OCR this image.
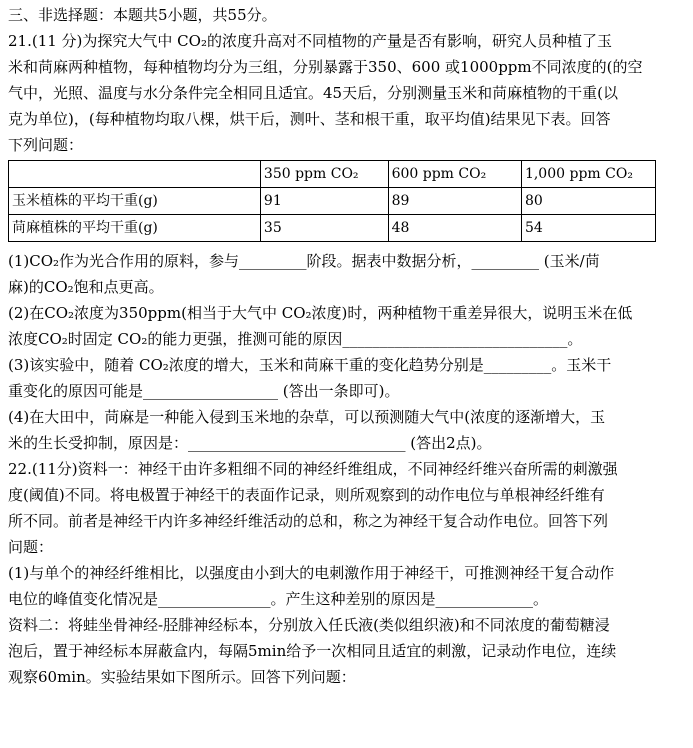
三、非选择题：本题共5小题，共55分。
21.(11 分)为探究大气中 CO₂的浓度升高对不同植物的产量是否有影响，研究人员种植了玉
米和苘麻两种植物，每种植物均分为三组，分别暴露于350、600 或1000ppm不同浓度的(的空
气中，光照、温度与水分条件完全相同且适宜。45天后，分别测量玉米和苘麻植物的干重(以
克为单位)，(每种植物均取八棵，烘干后，测叶、茎和根干重，取平均值)结果见下表。回答
下列问题：
	350 ppm CO₂	600 ppm CO₂	1,000 ppm CO₂
玉米植株的平均干重(g)	91	89	80
苘麻植株的平均干重(g)	35	48	54
(1)CO₂作为光合作用的原料，参与_________阶段。据表中数据分析，_________ (玉米/苘
麻)的CO₂饱和点更高。
(2)在CO₂浓度为350ppm(相当于大气中 CO₂浓度)时，两种植物干重差异很大，说明玉米在低
浓度CO₂时固定 CO₂的能力更强，推测可能的原因______________________________。
(3)该实验中，随着 CO₂浓度的增大，玉米和苘麻干重的变化趋势分别是_________。玉米干
重变化的原因可能是__________________ (答出一条即可)。
(4)在大田中，苘麻是一种能入侵到玉米地的杂草，可以预测随大气中(浓度的逐渐增大，玉
米的生长受抑制，原因是：_____________________________ (答出2点)。
22.(11分)资料一：神经干由许多粗细不同的神经纤维组成，不同神经纤维兴奋所需的刺激强
度(阈值)不同。将电极置于神经干的表面作记录，则所观察到的动作电位与单根神经纤维有
所不同。前者是神经干内许多神经纤维活动的总和，称之为神经干复合动作电位。回答下列
问题：
(1)与单个的神经纤维相比，以强度由小到大的电刺激作用于神经干，可推测神经干复合动作
电位的峰值变化情况是_______________。产生这种差别的原因是_____________。
资料二：将蛙坐骨神经-胫腓神经标本，分别放入任氏液(类似组织液)和不同浓度的葡萄糖浸
泡后，置于神经标本屏蔽盒内，每隔5min给予一次相同且适宜的刺激，记录动作电位，连续
观察60min。实验结果如下图所示。回答下列问题：
